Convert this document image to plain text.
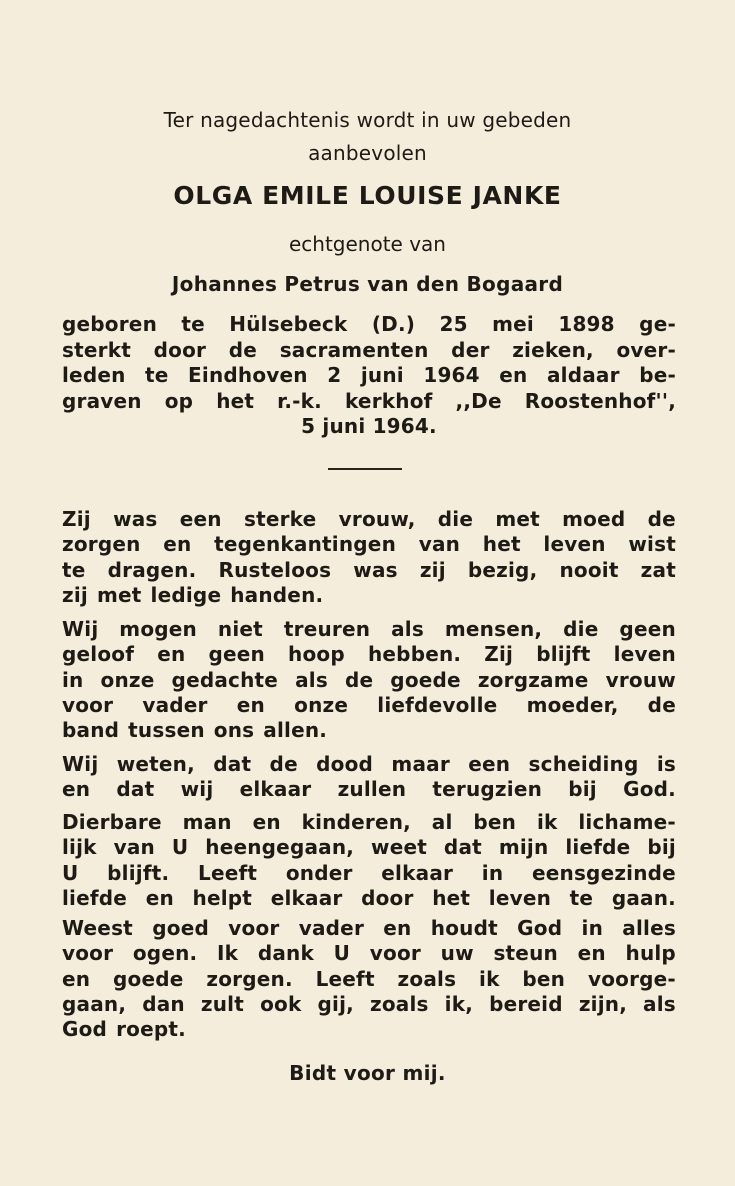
Ter nagedachtenis wordt in uw gebeden
aanbevolen
OLGA EMILE LOUISE JANKE
echtgenote van
Johannes Petrus van den Bogaard
geboren te Hülsebeck (D.) 25 mei 1898 ge-
sterkt door de sacramenten der zieken, over-
leden te Eindhoven 2 juni 1964 en aldaar be-
graven op het r.-k. kerkhof ,,De Roostenhof'',
5 juni 1964.
Zij was een sterke vrouw, die met moed de
zorgen en tegenkantingen van het leven wist
te dragen. Rusteloos was zij bezig, nooit zat
zij met ledige handen.
Wij mogen niet treuren als mensen, die geen
geloof en geen hoop hebben. Zij blijft leven
in onze gedachte als de goede zorgzame vrouw
voor vader en onze liefdevolle moeder, de
band tussen ons allen.
Wij weten, dat de dood maar een scheiding is
en dat wij elkaar zullen terugzien bij God.
Dierbare man en kinderen, al ben ik lichame-
lijk van U heengegaan, weet dat mijn liefde bij
U blijft. Leeft onder elkaar in eensgezinde
liefde en helpt elkaar door het leven te gaan.
Weest goed voor vader en houdt God in alles
voor ogen. Ik dank U voor uw steun en hulp
en goede zorgen. Leeft zoals ik ben voorge-
gaan, dan zult ook gij, zoals ik, bereid zijn, als
God roept.
Bidt voor mij.
